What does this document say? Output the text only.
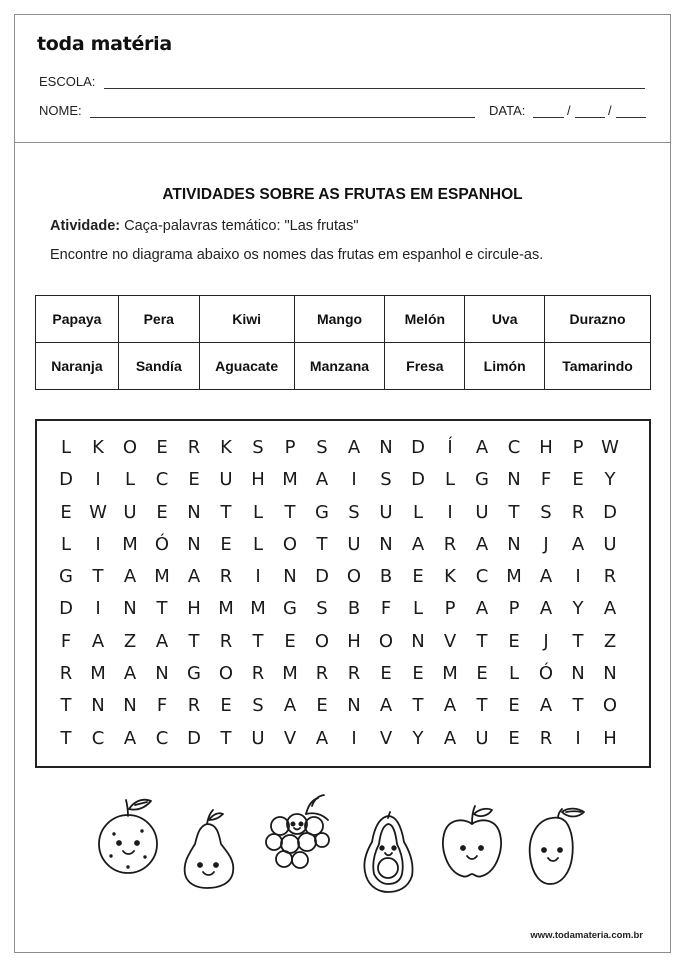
toda matéria
ESCOLA:
NOME:	DATA:	/	/
ATIVIDADES SOBRE AS FRUTAS EM ESPANHOL
Atividade: Caça-palavras temático: "Las frutas"
Encontre no diagrama abaixo os nomes das frutas em espanhol e circule-as.
Papaya	Pera	Kiwi	Mango	Melón	Uva	Durazno
Naranja	Sandía	Aguacate	Manzana	Fresa	Limón	Tamarindo
L	K	O	E	R	K	S	P	S	A	N	D	Í	A	C	H	P W
D	I	L	C	E	U	H M	A	I	S	D	L	G	N	F	E	Y
E W U	E	N	T	L	T	G	S	U	L	I	U	T	S	R	D
L	I	M Ó	N	E	L	O	T	U	N	A	R	A	N	J	A	U
G	T	A	M	A	R	I	N	D O	B	E	K	C M	A	I	R
D	I	N	T	H M M G	S	B	F	L	P	A	P	A	Y	A
F	A	Z	A	T	R	T	E	O	H	O	N	V	T	E	J	T	Z
R M	A	N	G O	R M R	R	E	E	M	E	L	Ó	N	N
T	N	N	F	R	E	S	A	E	N	A	T	A	T	E	A	T	O
T	C	A	C	D	T	U	V	A	I	V	Y	A	U	E	R	I	H
www.todamateria.com.br
